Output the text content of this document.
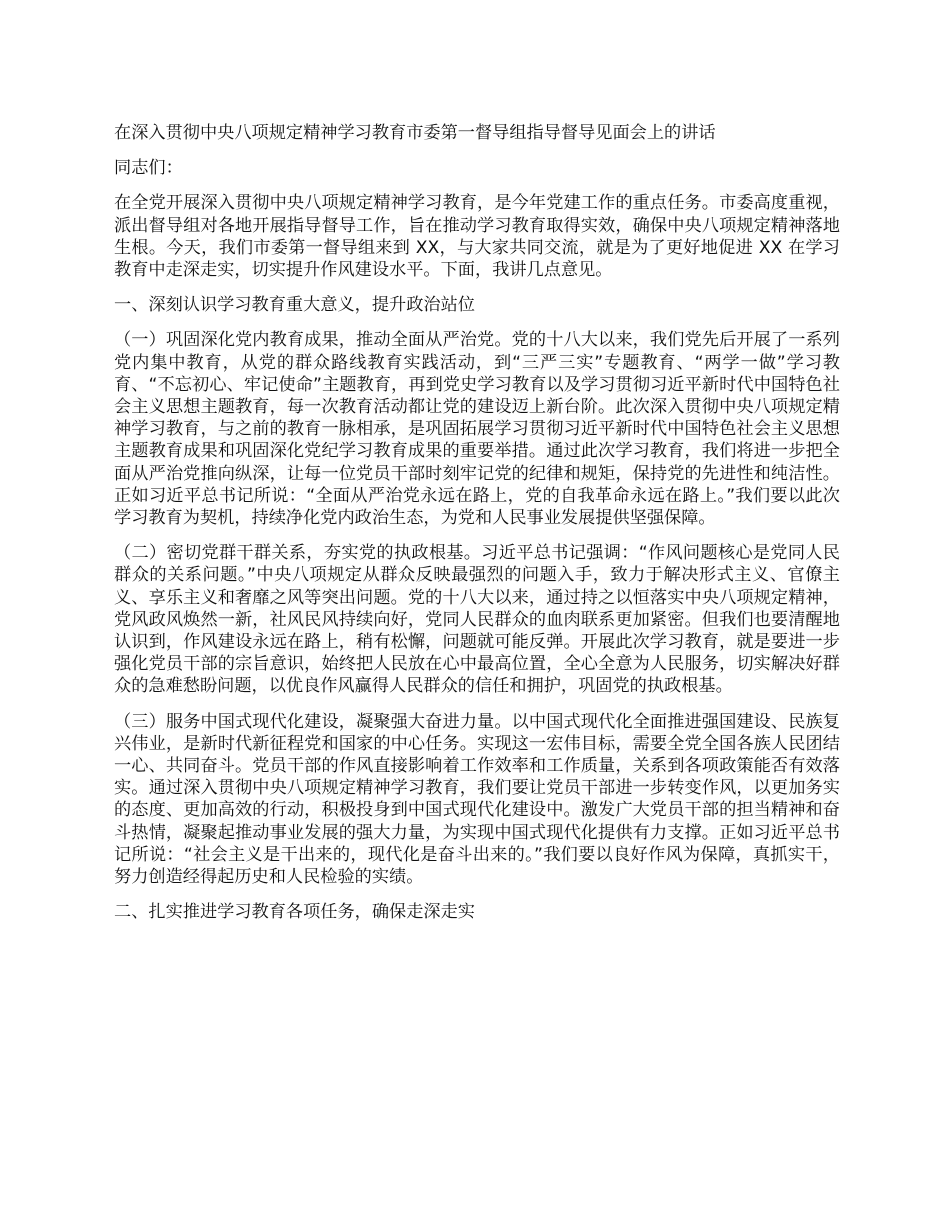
在深入贯彻中央八项规定精神学习教育市委第一督导组指导督导见面会上的讲话

同志们：

在全党开展深入贯彻中央八项规定精神学习教育，是今年党建工作的重点任务。市委高度重视，派出督导组对各地开展指导督导工作，旨在推动学习教育取得实效，确保中央八项规定精神落地生根。今天，我们市委第一督导组来到 XX，与大家共同交流，就是为了更好地促进 XX 在学习教育中走深走实，切实提升作风建设水平。下面，我讲几点意见。

一、深刻认识学习教育重大意义，提升政治站位

（一）巩固深化党内教育成果，推动全面从严治党。党的十八大以来，我们党先后开展了一系列党内集中教育，从党的群众路线教育实践活动，到“三严三实”专题教育、“两学一做”学习教育、“不忘初心、牢记使命”主题教育，再到党史学习教育以及学习贯彻习近平新时代中国特色社会主义思想主题教育，每一次教育活动都让党的建设迈上新台阶。此次深入贯彻中央八项规定精神学习教育，与之前的教育一脉相承，是巩固拓展学习贯彻习近平新时代中国特色社会主义思想主题教育成果和巩固深化党纪学习教育成果的重要举措。通过此次学习教育，我们将进一步把全面从严治党推向纵深，让每一位党员干部时刻牢记党的纪律和规矩，保持党的先进性和纯洁性。正如习近平总书记所说：“全面从严治党永远在路上，党的自我革命永远在路上。”我们要以此次学习教育为契机，持续净化党内政治生态，为党和人民事业发展提供坚强保障。

（二）密切党群干群关系，夯实党的执政根基。习近平总书记强调：“作风问题核心是党同人民群众的关系问题。”中央八项规定从群众反映最强烈的问题入手，致力于解决形式主义、官僚主义、享乐主义和奢靡之风等突出问题。党的十八大以来，通过持之以恒落实中央八项规定精神，党风政风焕然一新，社风民风持续向好，党同人民群众的血肉联系更加紧密。但我们也要清醒地认识到，作风建设永远在路上，稍有松懈，问题就可能反弹。开展此次学习教育，就是要进一步强化党员干部的宗旨意识，始终把人民放在心中最高位置，全心全意为人民服务，切实解决好群众的急难愁盼问题，以优良作风赢得人民群众的信任和拥护，巩固党的执政根基。

（三）服务中国式现代化建设，凝聚强大奋进力量。以中国式现代化全面推进强国建设、民族复兴伟业，是新时代新征程党和国家的中心任务。实现这一宏伟目标，需要全党全国各族人民团结一心、共同奋斗。党员干部的作风直接影响着工作效率和工作质量，关系到各项政策能否有效落实。通过深入贯彻中央八项规定精神学习教育，我们要让党员干部进一步转变作风，以更加务实的态度、更加高效的行动，积极投身到中国式现代化建设中。激发广大党员干部的担当精神和奋斗热情，凝聚起推动事业发展的强大力量，为实现中国式现代化提供有力支撑。正如习近平总书记所说：“社会主义是干出来的，现代化是奋斗出来的。”我们要以良好作风为保障，真抓实干，努力创造经得起历史和人民检验的实绩。

二、扎实推进学习教育各项任务，确保走深走实
